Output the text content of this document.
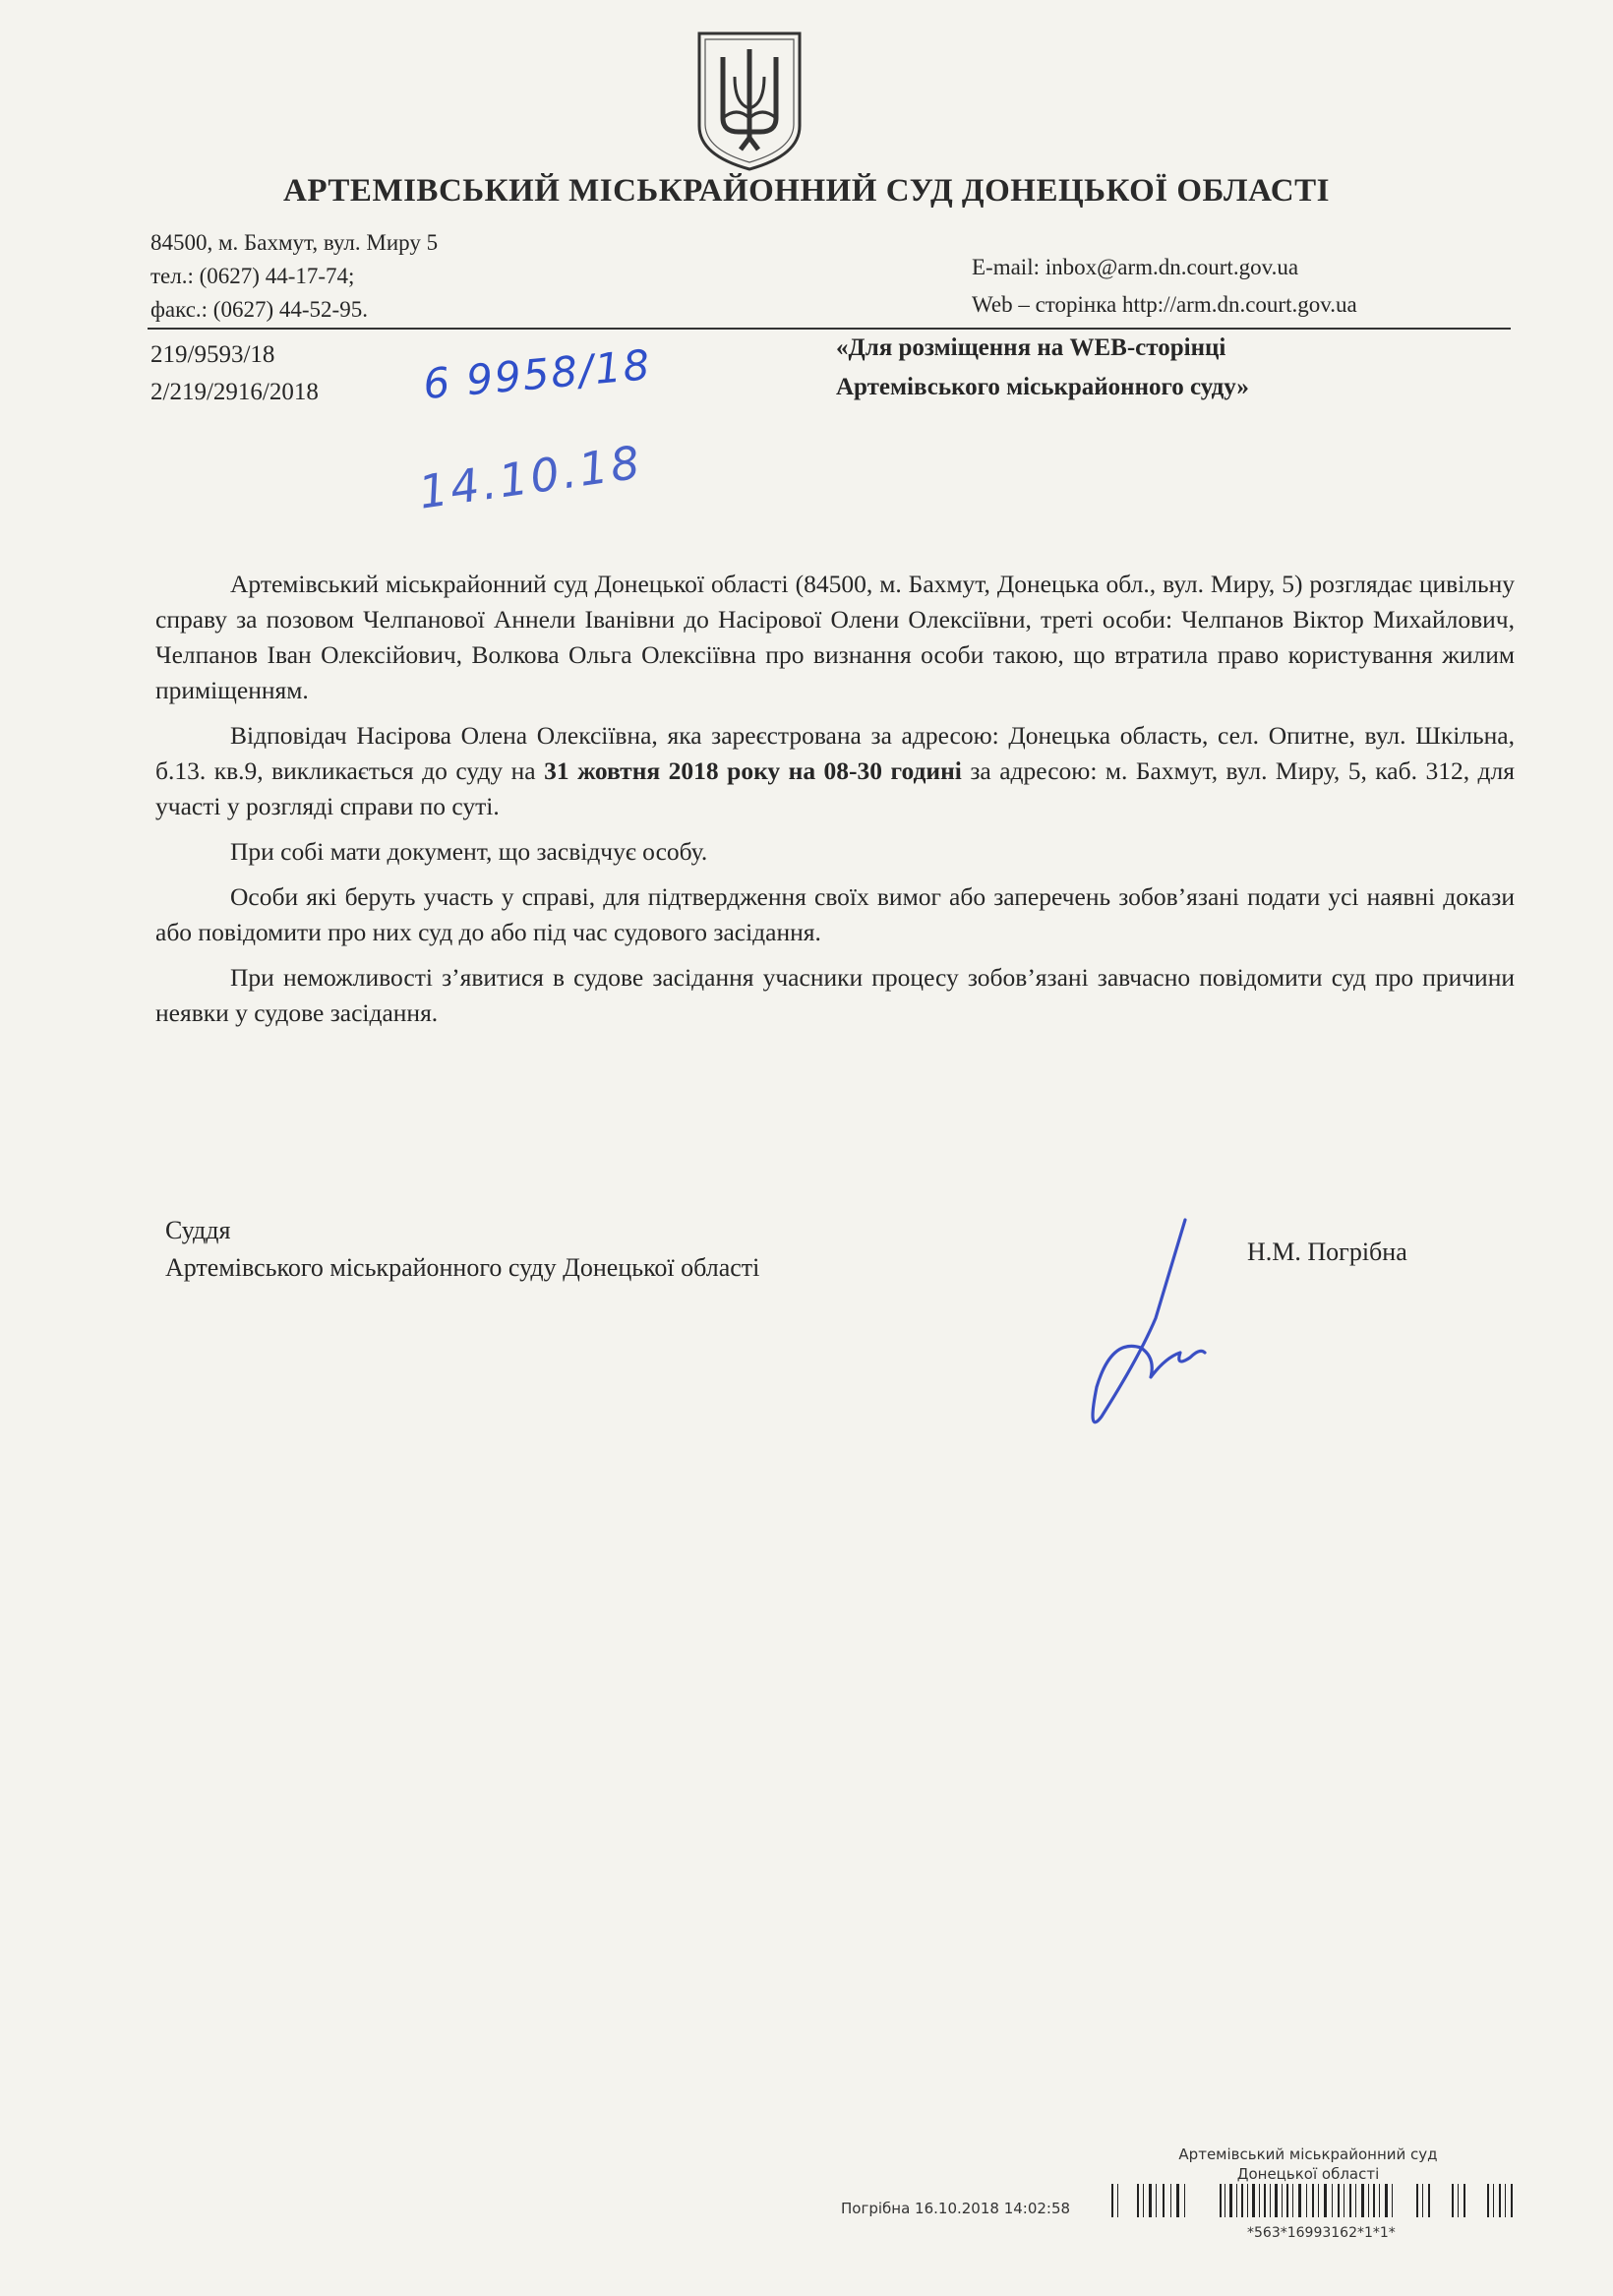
АРТЕМІВСЬКИЙ МІСЬКРАЙОННИЙ СУД ДОНЕЦЬКОЇ ОБЛАСТІ
84500, м. Бахмут, вул. Миру 5
тел.: (0627) 44-17-74;
факс.: (0627) 44-52-95.
E-mail: inbox@arm.dn.court.gov.ua
Web – сторінка http://arm.dn.court.gov.ua
219/9593/18
2/219/2916/2018 6 9958/18
14.10.18
«Для розміщення на WEB-сторінці
Артемівського міськрайонного суду»

Артемівський міськрайонний суд Донецької області (84500, м. Бахмут, Донецька обл., вул. Миру, 5) розглядає цивільну справу за позовом Челпанової Аннели Іванівни до Насірової Олени Олексіївни, треті особи: Челпанов Віктор Михайлович, Челпанов Іван Олексійович, Волкова Ольга Олексіївна про визнання особи такою, що втратила право користування жилим приміщенням.

Відповідач Насірова Олена Олексіївна, яка зареєстрована за адресою: Донецька область, сел. Опитне, вул. Шкільна, б.13. кв.9, викликається до суду на 31 жовтня 2018 року на 08-30 годині за адресою: м. Бахмут, вул. Миру, 5, каб. 312, для участі у розгляді справи по суті.

При собі мати документ, що засвідчує особу.

Особи які беруть участь у справі, для підтвердження своїх вимог або заперечень зобов’язані подати усі наявні докази або повідомити про них суд до або під час судового засідання.

При неможливості з’явитися в судове засідання учасники процесу зобов’язані завчасно повідомити суд про причини неявки у судове засідання.

Суддя
Артемівського міськрайонного суду Донецької області
Н.М. Погрібна
Артемівський міськрайонний суд
Донецької області
Погрібна 16.10.2018 14:02:58
*563*16993162*1*1*
